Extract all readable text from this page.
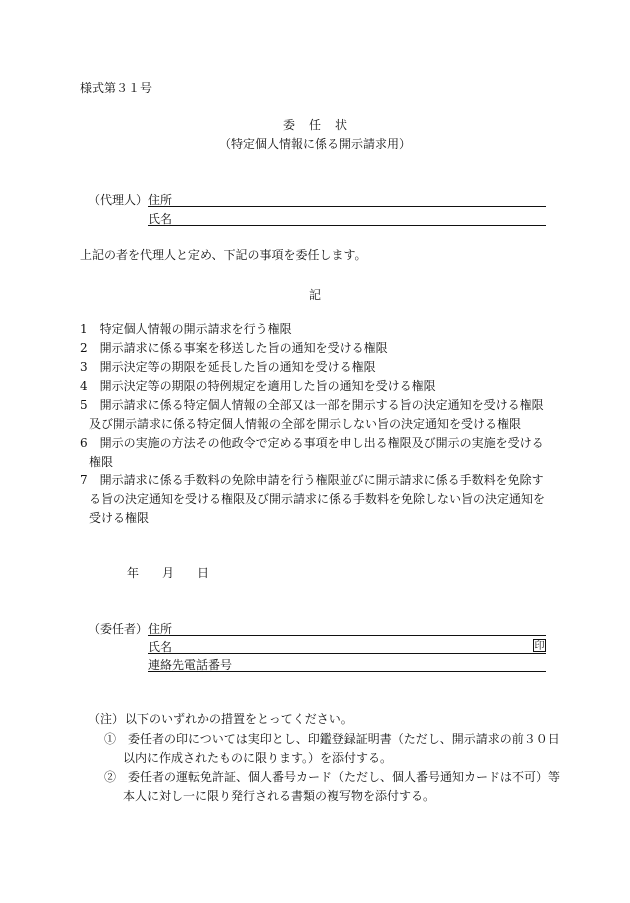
様式第３１号
委任状
（特定個人情報に係る開示請求用）
（代理人） 住所
氏名
上記の者を代理人と定め、下記の事項を委任します。
記
1　特定個人情報の開示請求を行う権限
2　開示請求に係る事案を移送した旨の通知を受ける権限
3　開示決定等の期限を延長した旨の通知を受ける権限
4　開示決定等の期限の特例規定を適用した旨の通知を受ける権限
5　開示請求に係る特定個人情報の全部又は一部を開示する旨の決定通知を受ける権限
及び開示請求に係る特定個人情報の全部を開示しない旨の決定通知を受ける権限
6　開示の実施の方法その他政令で定める事項を申し出る権限及び開示の実施を受ける
権限
7　開示請求に係る手数料の免除申請を行う権限並びに開示請求に係る手数料を免除す
る旨の決定通知を受ける権限及び開示請求に係る手数料を免除しない旨の決定通知を
受ける権限
年 月 日
（委任者） 住所
氏名	印
連絡先電話番号
（注） 以下のいずれかの措置をとってください。
①　委任者の印については実印とし、印鑑登録証明書（ただし、開示請求の前３０日
以内に作成されたものに限ります。）を添付する。
②　委任者の運転免許証、個人番号カード（ただし、個人番号通知カードは不可）等
本人に対し一に限り発行される書類の複写物を添付する。
